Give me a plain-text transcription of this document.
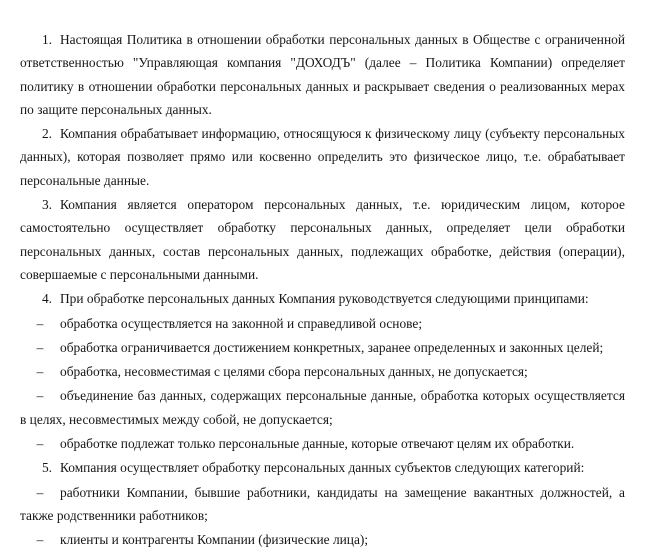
1. Настоящая Политика в отношении обработки персональных данных в Обществе с ограниченной ответственностью "Управляющая компания "ДОХОДЪ" (далее – Политика Компании) определяет политику в отношении обработки персональных данных и раскрывает сведения о реализованных мерах по защите персональных данных.

2. Компания обрабатывает информацию, относящуюся к физическому лицу (субъекту персональных данных), которая позволяет прямо или косвенно определить это физическое лицо, т.е. обрабатывает персональные данные.

3. Компания является оператором персональных данных, т.е. юридическим лицом, которое самостоятельно осуществляет обработку персональных данных, определяет цели обработки персональных данных, состав персональных данных, подлежащих обработке, действия (операции), совершаемые с персональными данными.

4. При обработке персональных данных Компания руководствуется следующими принципами:

– обработка осуществляется на законной и справедливой основе;

– обработка ограничивается достижением конкретных, заранее определенных и законных целей;

– обработка, несовместимая с целями сбора персональных данных, не допускается;

– объединение баз данных, содержащих персональные данные, обработка которых осуществляется в целях, несовместимых между собой, не допускается;

– обработке подлежат только персональные данные, которые отвечают целям их обработки.

5. Компания осуществляет обработку персональных данных субъектов следующих категорий:

– работники Компании, бывшие работники, кандидаты на замещение вакантных должностей, а также родственники работников;

– клиенты и контрагенты Компании (физические лица);
